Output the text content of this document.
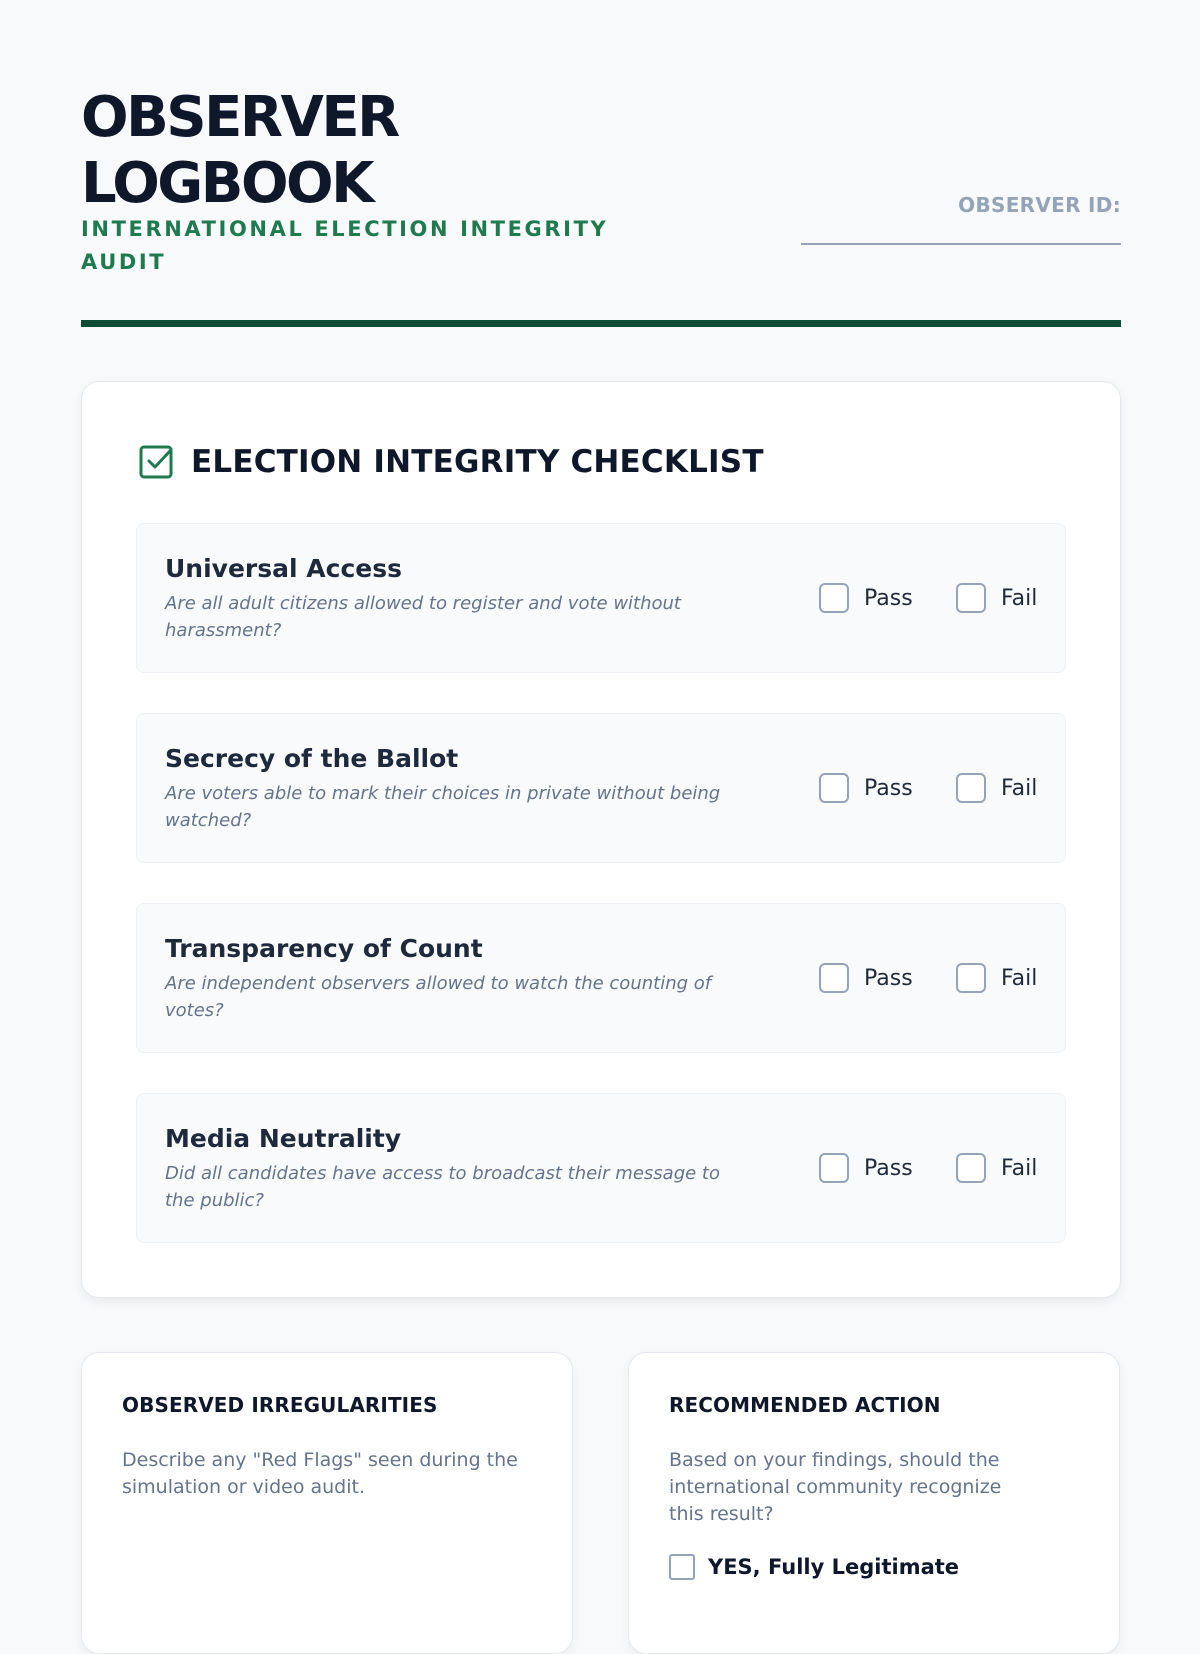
OBSERVER LOGBOOK
INTERNATIONAL ELECTION INTEGRITY AUDIT
OBSERVER ID:
ELECTION INTEGRITY CHECKLIST
Universal Access
Are all adult citizens allowed to register and vote without harassment?
Pass	Fail
Secrecy of the Ballot
Are voters able to mark their choices in private without being watched?
Pass	Fail
Transparency of Count
Are independent observers allowed to watch the counting of votes?
Pass	Fail
Media Neutrality
Did all candidates have access to broadcast their message to the public?
Pass	Fail
OBSERVED IRREGULARITIES
Describe any "Red Flags" seen during the simulation or video audit.
RECOMMENDED ACTION
Based on your findings, should the international community recognize this result?
YES, Fully Legitimate
